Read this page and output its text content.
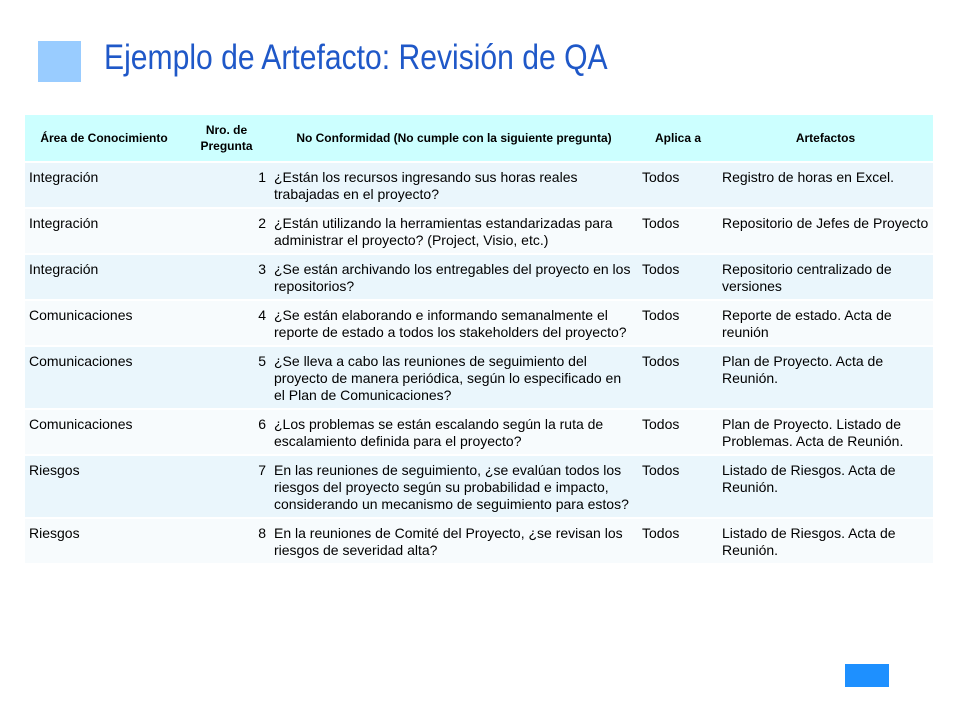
Ejemplo de Artefacto: Revisión de QA
Área de Conocimiento	Nro. de Pregunta	No Conformidad (No cumple con la siguiente pregunta)	Aplica a	Artefactos
Integración	1	¿Están los recursos ingresando sus horas reales trabajadas en el proyecto?	Todos	Registro de horas en Excel.
Integración	2	¿Están utilizando la herramientas estandarizadas para administrar el proyecto? (Project, Visio, etc.)	Todos	Repositorio de Jefes de Proyecto
Integración	3	¿Se están archivando los entregables del proyecto en los repositorios?	Todos	Repositorio centralizado de versiones
Comunicaciones	4	¿Se están elaborando e informando semanalmente el reporte de estado a todos los stakeholders del proyecto?	Todos	Reporte de estado. Acta de reunión
Comunicaciones	5	¿Se lleva a cabo las reuniones de seguimiento del proyecto de manera periódica, según lo especificado en el Plan de Comunicaciones?	Todos	Plan de Proyecto. Acta de Reunión.
Comunicaciones	6	¿Los problemas se están escalando según la ruta de escalamiento definida para el proyecto?	Todos	Plan de Proyecto. Listado de Problemas. Acta de Reunión.
Riesgos	7	En las reuniones de seguimiento, ¿se evalúan todos los riesgos del proyecto según su probabilidad e impacto, considerando un mecanismo de seguimiento para estos?	Todos	Listado de Riesgos. Acta de Reunión.
Riesgos	8	En la reuniones de Comité del Proyecto, ¿se revisan los riesgos de severidad alta?	Todos	Listado de Riesgos. Acta de Reunión.
